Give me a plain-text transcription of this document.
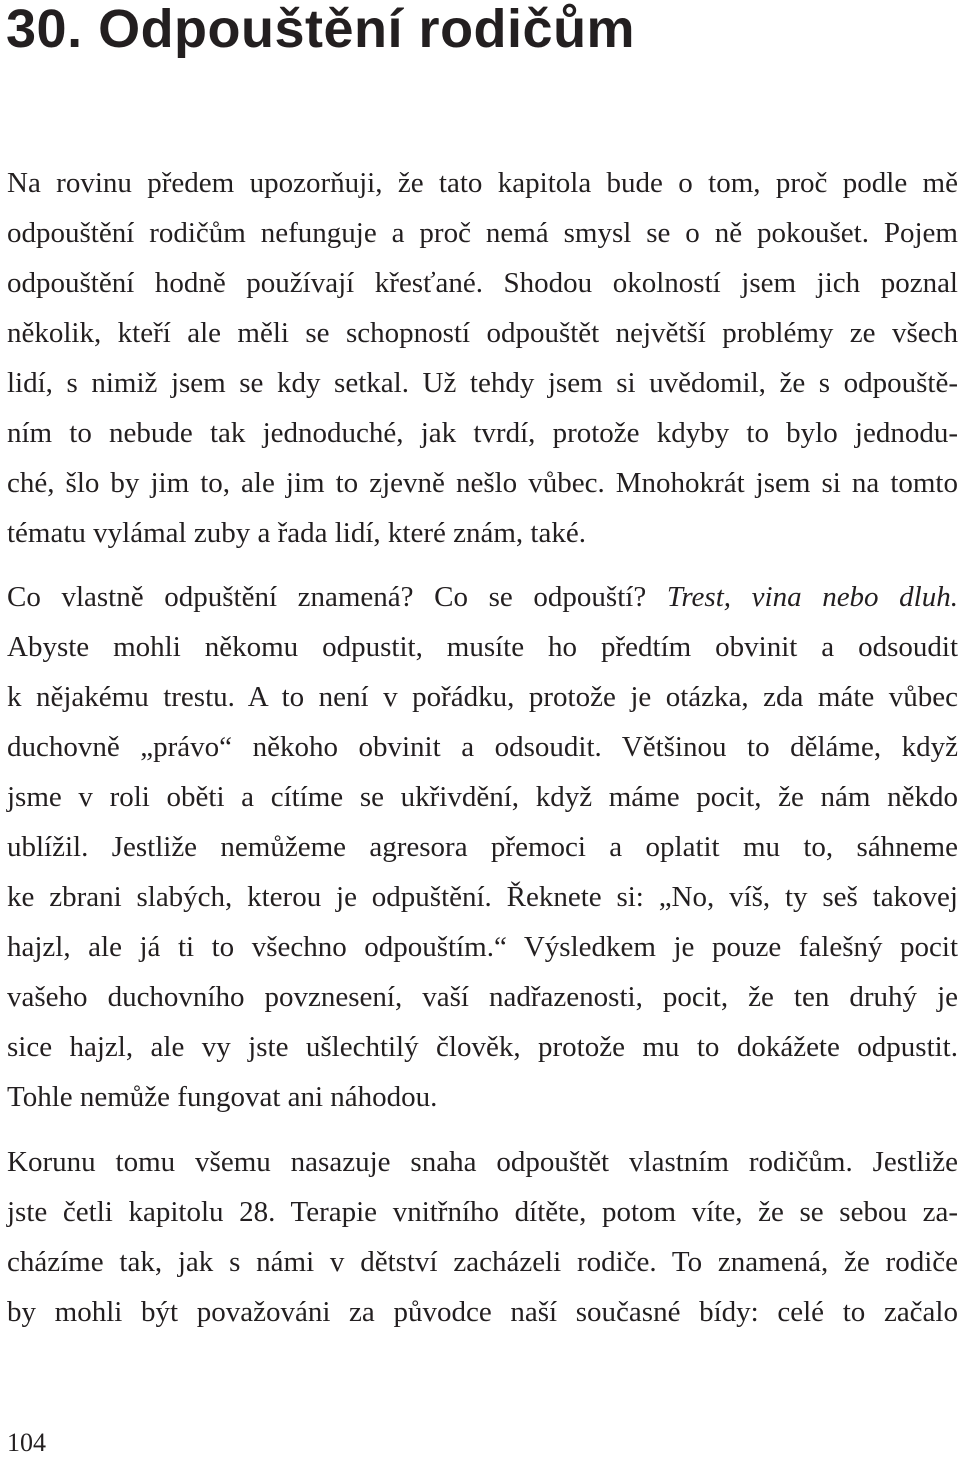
30. Odpouštění rodičům
Na rovinu předem upozorňuji, že tato kapitola bude o tom, proč podle mě
odpouštění rodičům nefunguje a proč nemá smysl se o ně pokoušet. Pojem
odpouštění hodně používají křesťané. Shodou okolností jsem jich poznal
několik, kteří ale měli se schopností odpouštět největší problémy ze všech
lidí, s nimiž jsem se kdy setkal. Už tehdy jsem si uvědomil, že s odpouště-
ním to nebude tak jednoduché, jak tvrdí, protože kdyby to bylo jednodu-
ché, šlo by jim to, ale jim to zjevně nešlo vůbec. Mnohokrát jsem si na tomto
tématu vylámal zuby a řada lidí, které znám, také.
Co vlastně odpuštění znamená? Co se odpouští? Trest, vina nebo dluh.
Abyste mohli někomu odpustit, musíte ho předtím obvinit a odsoudit
k nějakému trestu. A to není v pořádku, protože je otázka, zda máte vůbec
duchovně „právo“ někoho obvinit a odsoudit. Většinou to děláme, když
jsme v roli oběti a cítíme se ukřivdění, když máme pocit, že nám někdo
ublížil. Jestliže nemůžeme agresora přemoci a oplatit mu to, sáhneme
ke zbrani slabých, kterou je odpuštění. Řeknete si: „No, víš, ty seš takovej
hajzl, ale já ti to všechno odpouštím.“ Výsledkem je pouze falešný pocit
vašeho duchovního povznesení, vaší nadřazenosti, pocit, že ten druhý je
sice hajzl, ale vy jste ušlechtilý člověk, protože mu to dokážete odpustit.
Tohle nemůže fungovat ani náhodou.
Korunu tomu všemu nasazuje snaha odpouštět vlastním rodičům. Jestliže
jste četli kapitolu 28. Terapie vnitřního dítěte, potom víte, že se sebou za-
cházíme tak, jak s námi v dětství zacházeli rodiče. To znamená, že rodiče
by mohli být považováni za původce naší současné bídy: celé to začalo
104
